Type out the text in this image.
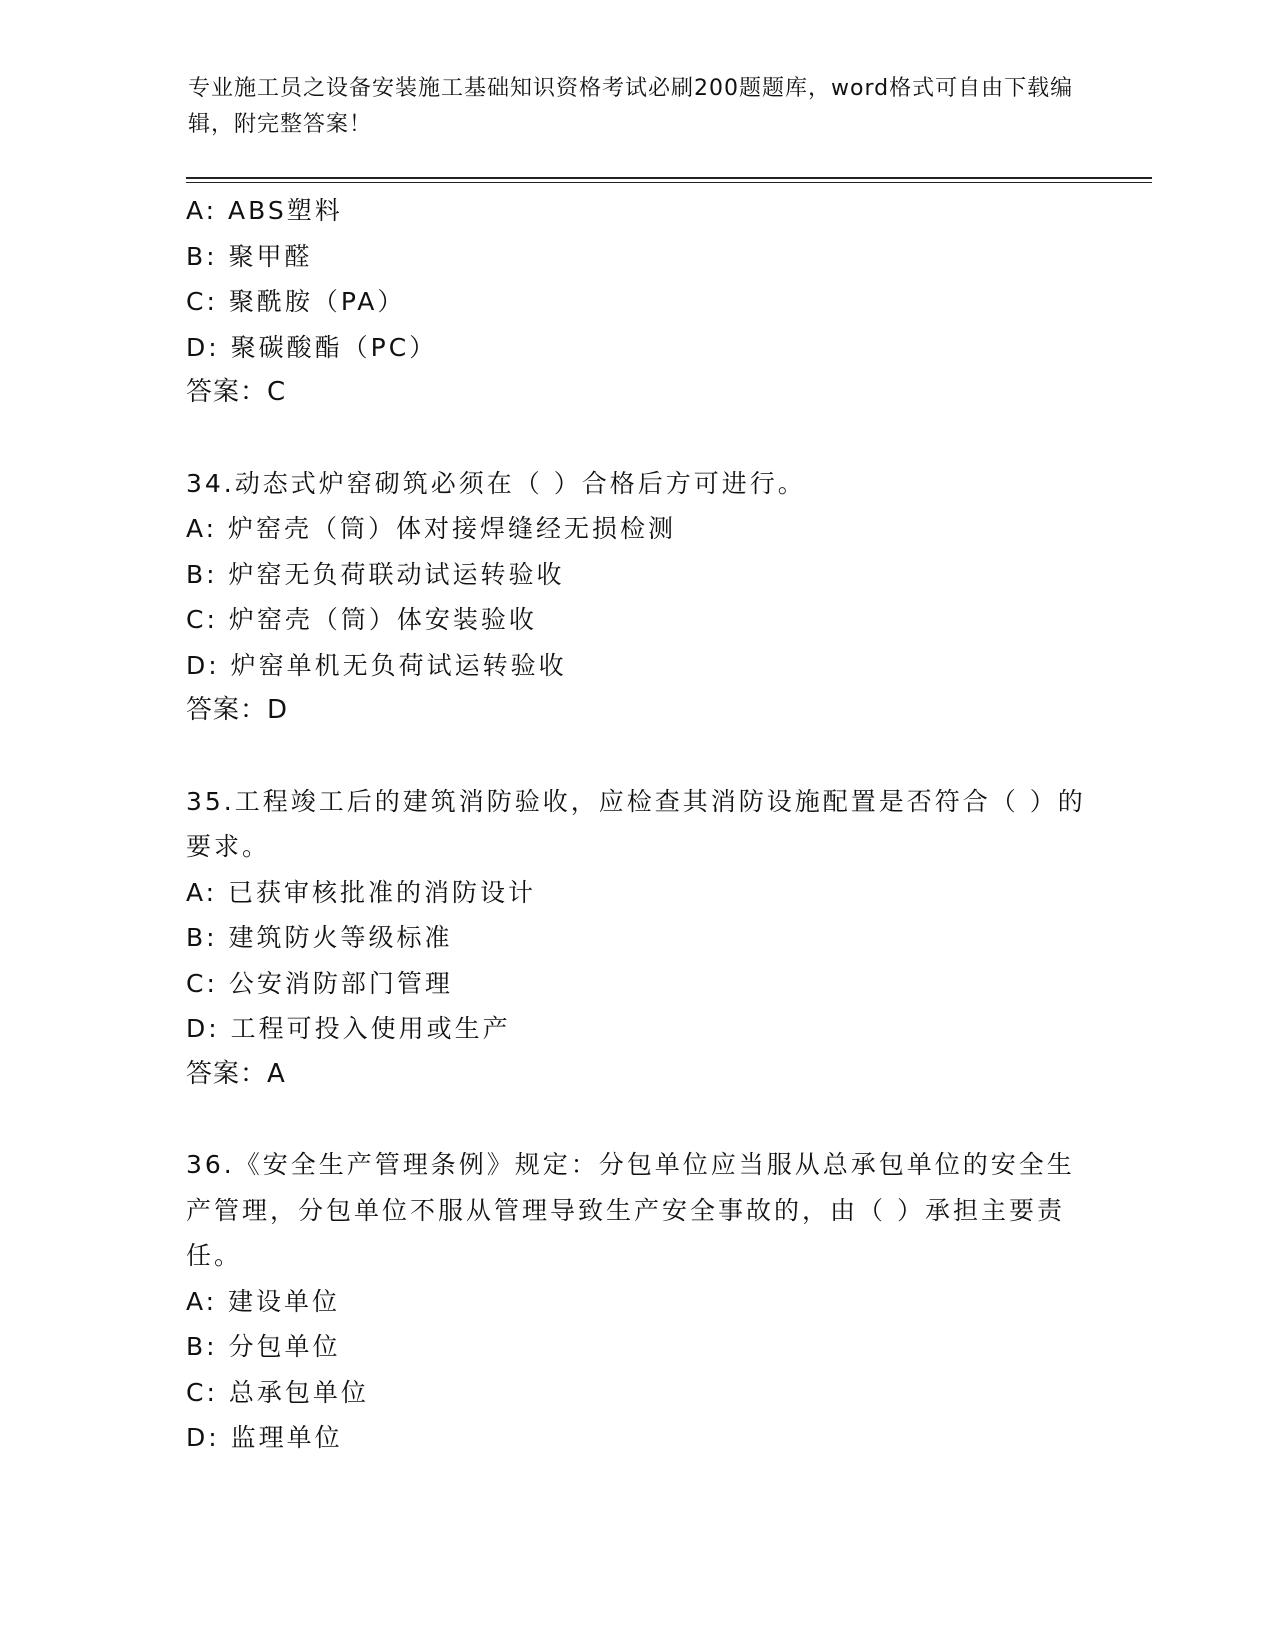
专业施工员之设备安装施工基础知识资格考试必刷200题题库，word格式可自由下载编辑，附完整答案！
A: ABS塑料
B: 聚甲醛
C: 聚酰胺（PA）
D: 聚碳酸酯（PC）
答案：C
34.动态式炉窑砌筑必须在（ ）合格后方可进行。
A: 炉窑壳（筒）体对接焊缝经无损检测
B: 炉窑无负荷联动试运转验收
C: 炉窑壳（筒）体安装验收
D: 炉窑单机无负荷试运转验收
答案：D
35.工程竣工后的建筑消防验收，应检查其消防设施配置是否符合（ ）的要求。
A: 已获审核批准的消防设计
B: 建筑防火等级标准
C: 公安消防部门管理
D: 工程可投入使用或生产
答案：A
36.《安全生产管理条例》规定：分包单位应当服从总承包单位的安全生产管理，分包单位不服从管理导致生产安全事故的，由（ ）承担主要责任。
A: 建设单位
B: 分包单位
C: 总承包单位
D: 监理单位
